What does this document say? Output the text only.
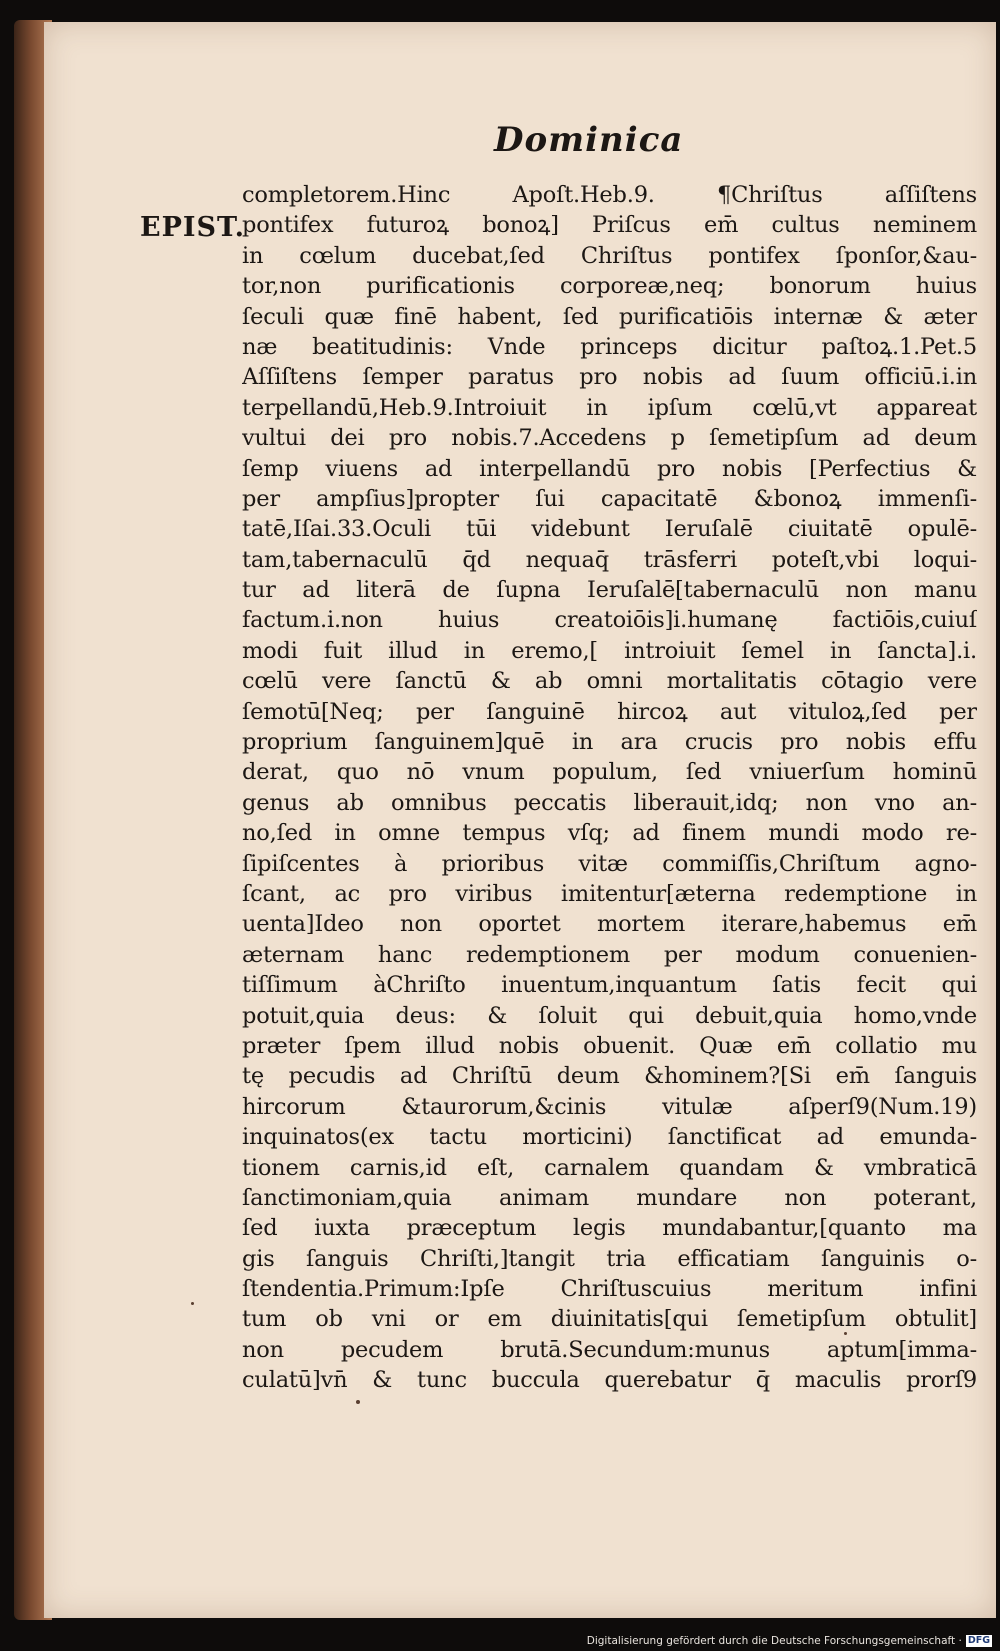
Dominica
EPIST.
completorem.Hinc Apoſt.Heb.9. ¶Chriſtus aſſiſtens
pontifex futuroꝝ bonoꝝ] Priſcus em̄ cultus neminem
in cœlum ducebat,ſed Chriſtus pontifex ſponſor,&au-
tor,non purificationis corporeæ,neq; bonorum huius
ſeculi quæ finē habent, ſed purificatiōis internæ & æter
næ beatitudinis: Vnde princeps dicitur paſtoꝝ.1.Pet.5
Aſſiſtens ſemper paratus pro nobis ad ſuum officiū.i.in
terpellandū,Heb.9.Introiuit in ipſum cœlū,vt appareat
vultui dei pro nobis.7.Accedens p ſemetipſum ad deum
ſemp viuens ad interpellandū pro nobis [Perfectius &
per ampſius]propter ſui capacitatē &bonoꝝ immenſi-
tatē,Iſai.33.Oculi tūi videbunt Ieruſalē ciuitatē opulē-
tam,tabernaculū q̄d nequaq̄ trāsferri poteſt,vbi loqui-
tur ad literā de ſupna Ieruſalē[tabernaculū non manu
factum.i.non huius creatoiōis]i.humanę factiōis,cuiuſ
modi fuit illud in eremo,[ introiuit ſemel in ſancta].i.
cœlū vere ſanctū & ab omni mortalitatis cōtagio vere
ſemotū[Neq; per ſanguinē hircoꝝ aut vituloꝝ,ſed per
proprium ſanguinem]quē in ara crucis pro nobis effu
derat, quo nō vnum populum, ſed vniuerſum hominū
genus ab omnibus peccatis liberauit,idq; non vno an-
no,ſed in omne tempus vſq; ad finem mundi modo re-
ſipiſcentes à prioribus vitæ commiſſis,Chriſtum agno-
ſcant, ac pro viribus imitentur[æterna redemptione in
uenta]Ideo non oportet mortem iterare,habemus em̄
æternam hanc redemptionem per modum conuenien-
tiſſimum àChriſto inuentum,inquantum ſatis fecit qui
potuit,quia deus: & ſoluit qui debuit,quia homo,vnde
præter ſpem illud nobis obuenit. Quæ em̄ collatio mu
tę pecudis ad Chriſtū deum &hominem?[Si em̄ ſanguis
hircorum &taurorum,&cinis vitulæ aſperſ9(Num.19)
inquinatos(ex tactu morticini) ſanctificat ad emunda-
tionem carnis,id eſt, carnalem quandam & vmbraticā
ſanctimoniam,quia animam mundare non poterant,
ſed iuxta præceptum legis mundabantur,[quanto ma
gis ſanguis Chriſti,]tangit tria efficatiam ſanguinis o-
ſtendentia.Primum:Ipſe Chriſtuscuius meritum infini
tum ob vni or em diuinitatis[qui ſemetipſum obtulit]
non pecudem brutā.Secundum:munus aptum[imma-
culatū]vn̄ & tunc buccula querebatur q̄ maculis prorſ9
Digitalisierung gefördert durch die Deutsche Forschungsgemeinschaft · DFG
